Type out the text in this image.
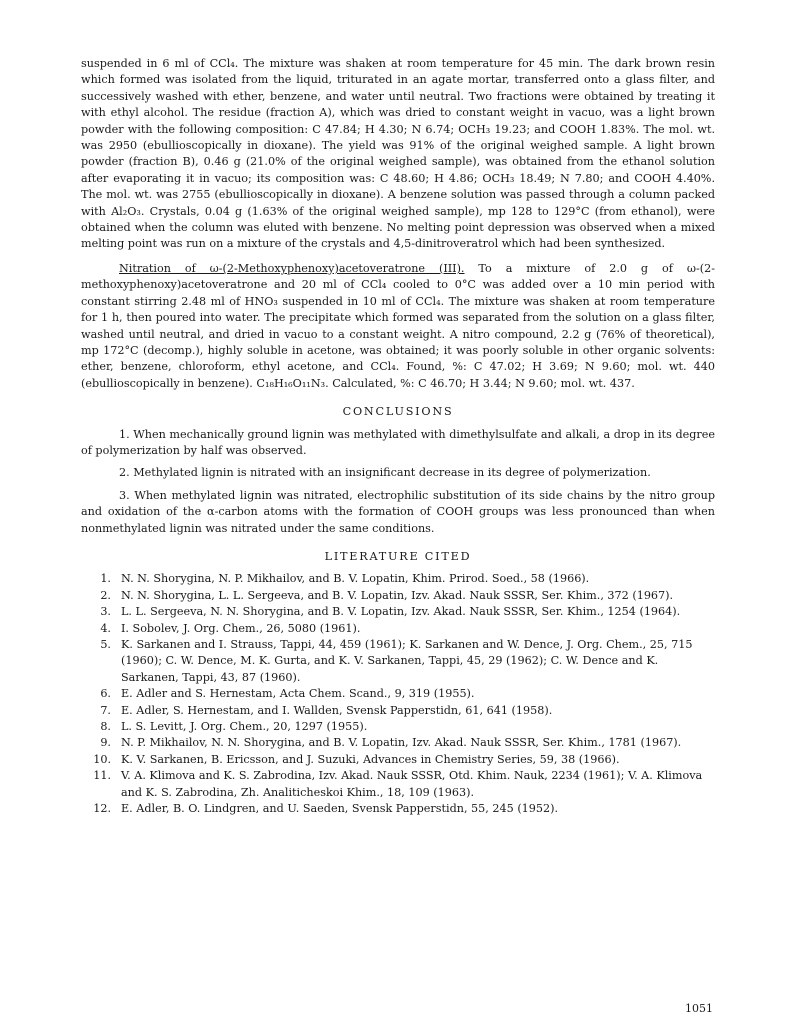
suspended in 6 ml of CCl₄. The mixture was shaken at room temperature for 45 min. The dark brown resin which formed was isolated from the liquid, triturated in an agate mortar, transferred onto a glass filter, and successively washed with ether, benzene, and water until neutral. Two fractions were obtained by treating it with ethyl alcohol. The residue (fraction A), which was dried to constant weight in vacuo, was a light brown powder with the following composition: C 47.84; H 4.30; N 6.74; OCH₃ 19.23; and COOH 1.83%. The mol. wt. was 2950 (ebullioscopically in dioxane). The yield was 91% of the original weighed sample. A light brown powder (fraction B), 0.46 g (21.0% of the original weighed sample), was obtained from the ethanol solution after evaporating it in vacuo; its composition was: C 48.60; H 4.86; OCH₃ 18.49; N 7.80; and COOH 4.40%. The mol. wt. was 2755 (ebullioscopically in dioxane). A benzene solution was passed through a column packed with Al₂O₃. Crystals, 0.04 g (1.63% of the original weighed sample), mp 128 to 129°C (from ethanol), were obtained when the column was eluted with benzene. No melting point depression was observed when a mixed melting point was run on a mixture of the crystals and 4,5-dinitroveratrol which had been synthesized.

Nitration of ω-(2-Methoxyphenoxy)acetoveratrone (III). To a mixture of 2.0 g of ω-(2-methoxyphenoxy)acetoveratrone and 20 ml of CCl₄ cooled to 0°C was added over a 10 min period with constant stirring 2.48 ml of HNO₃ suspended in 10 ml of CCl₄. The mixture was shaken at room temperature for 1 h, then poured into water. The precipitate which formed was separated from the solution on a glass filter, washed until neutral, and dried in vacuo to a constant weight. A nitro compound, 2.2 g (76% of theoretical), mp 172°C (decomp.), highly soluble in acetone, was obtained; it was poorly soluble in other organic solvents: ether, benzene, chloroform, ethyl acetone, and CCl₄. Found, %: C 47.02; H 3.69; N 9.60; mol. wt. 440 (ebullioscopically in benzene). C₁₈H₁₆O₁₁N₃. Calculated, %: C 46.70; H 3.44; N 9.60; mol. wt. 437.

CONCLUSIONS

1. When mechanically ground lignin was methylated with dimethylsulfate and alkali, a drop in its degree of polymerization by half was observed.

2. Methylated lignin is nitrated with an insignificant decrease in its degree of polymerization.

3. When methylated lignin was nitrated, electrophilic substitution of its side chains by the nitro group and oxidation of the α-carbon atoms with the formation of COOH groups was less pronounced than when nonmethylated lignin was nitrated under the same conditions.

LITERATURE CITED
1. N. N. Shorygina, N. P. Mikhailov, and B. V. Lopatin, Khim. Prirod. Soed., 58 (1966).
2. N. N. Shorygina, L. L. Sergeeva, and B. V. Lopatin, Izv. Akad. Nauk SSSR, Ser. Khim., 372 (1967).
3. L. L. Sergeeva, N. N. Shorygina, and B. V. Lopatin, Izv. Akad. Nauk SSSR, Ser. Khim., 1254 (1964).
4. I. Sobolev, J. Org. Chem., 26, 5080 (1961).
5. K. Sarkanen and I. Strauss, Tappi, 44, 459 (1961); K. Sarkanen and W. Dence, J. Org. Chem., 25, 715 (1960); C. W. Dence, M. K. Gurta, and K. V. Sarkanen, Tappi, 45, 29 (1962); C. W. Dence and K. Sarkanen, Tappi, 43, 87 (1960).
6. E. Adler and S. Hernestam, Acta Chem. Scand., 9, 319 (1955).
7. E. Adler, S. Hernestam, and I. Wallden, Svensk Papperstidn, 61, 641 (1958).
8. L. S. Levitt, J. Org. Chem., 20, 1297 (1955).
9. N. P. Mikhailov, N. N. Shorygina, and B. V. Lopatin, Izv. Akad. Nauk SSSR, Ser. Khim., 1781 (1967).
10. K. V. Sarkanen, B. Ericsson, and J. Suzuki, Advances in Chemistry Series, 59, 38 (1966).
11. V. A. Klimova and K. S. Zabrodina, Izv. Akad. Nauk SSSR, Otd. Khim. Nauk, 2234 (1961); V. A. Klimova and K. S. Zabrodina, Zh. Analiticheskoi Khim., 18, 109 (1963).
12. E. Adler, B. O. Lindgren, and U. Saeden, Svensk Papperstidn, 55, 245 (1952).
1051
